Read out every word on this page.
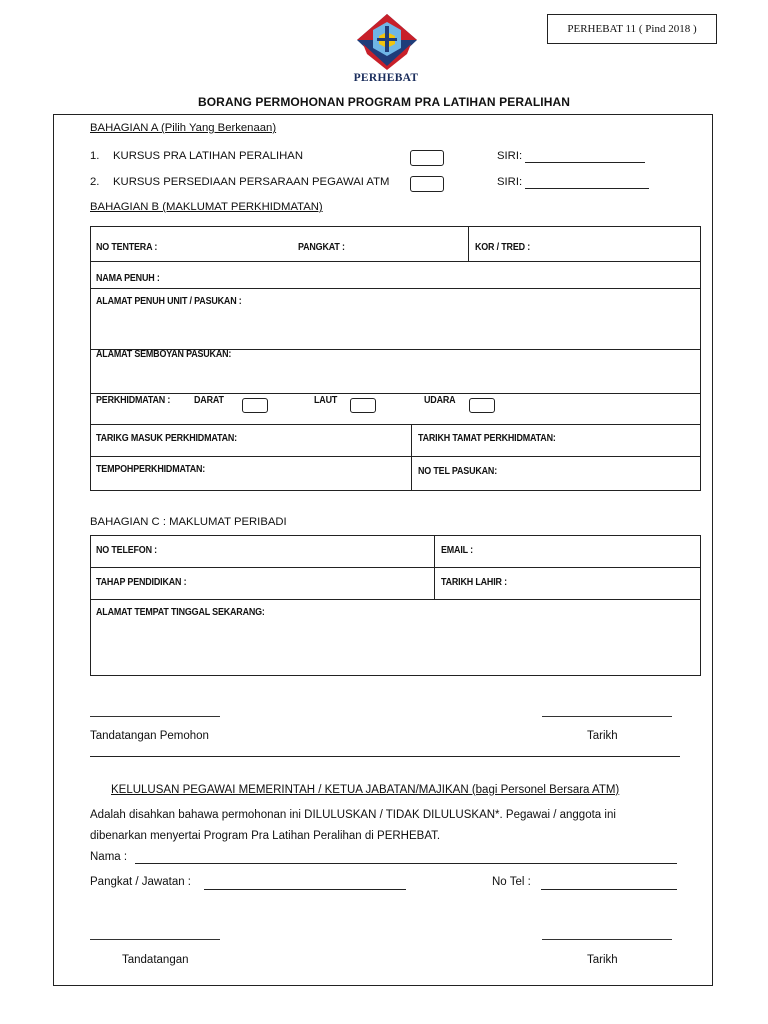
PERHEBAT 11 ( Pind 2018 )
PERHEBAT
BORANG PERMOHONAN PROGRAM PRA LATIHAN PERALIHAN
BAHAGIAN A (Pilih Yang Berkenaan)
1. KURSUS PRA LATIHAN PERALIHAN	SIRI:
2. KURSUS PERSEDIAAN PERSARAAN PEGAWAI ATM	SIRI:
BAHAGIAN B (MAKLUMAT PERKHIDMATAN)
NO TENTERA :	PANGKAT :	KOR / TRED :
NAMA PENUH :
ALAMAT PENUH UNIT / PASUKAN :
ALAMAT SEMBOYAN PASUKAN:
PERKHIDMATAN : DARAT	LAUT	UDARA
TARIKG MASUK PERKHIDMATAN:	TARIKH TAMAT PERKHIDMATAN:
TEMPOHPERKHIDMATAN:	NO TEL PASUKAN:
BAHAGIAN C : MAKLUMAT PERIBADI
NO TELEFON :	EMAIL :
TAHAP PENDIDIKAN :	TARIKH LAHIR :
ALAMAT TEMPAT TINGGAL SEKARANG:
Tandatangan Pemohon	Tarikh
KELULUSAN PEGAWAI MEMERINTAH / KETUA JABATAN/MAJIKAN (bagi Personel Bersara ATM)
Adalah disahkan bahawa permohonan ini DILULUSKAN / TIDAK DILULUSKAN*. Pegawai / anggota ini
dibenarkan menyertai Program Pra Latihan Peralihan di PERHEBAT.
Nama :
Pangkat / Jawatan :	No Tel :
Tandatangan	Tarikh
